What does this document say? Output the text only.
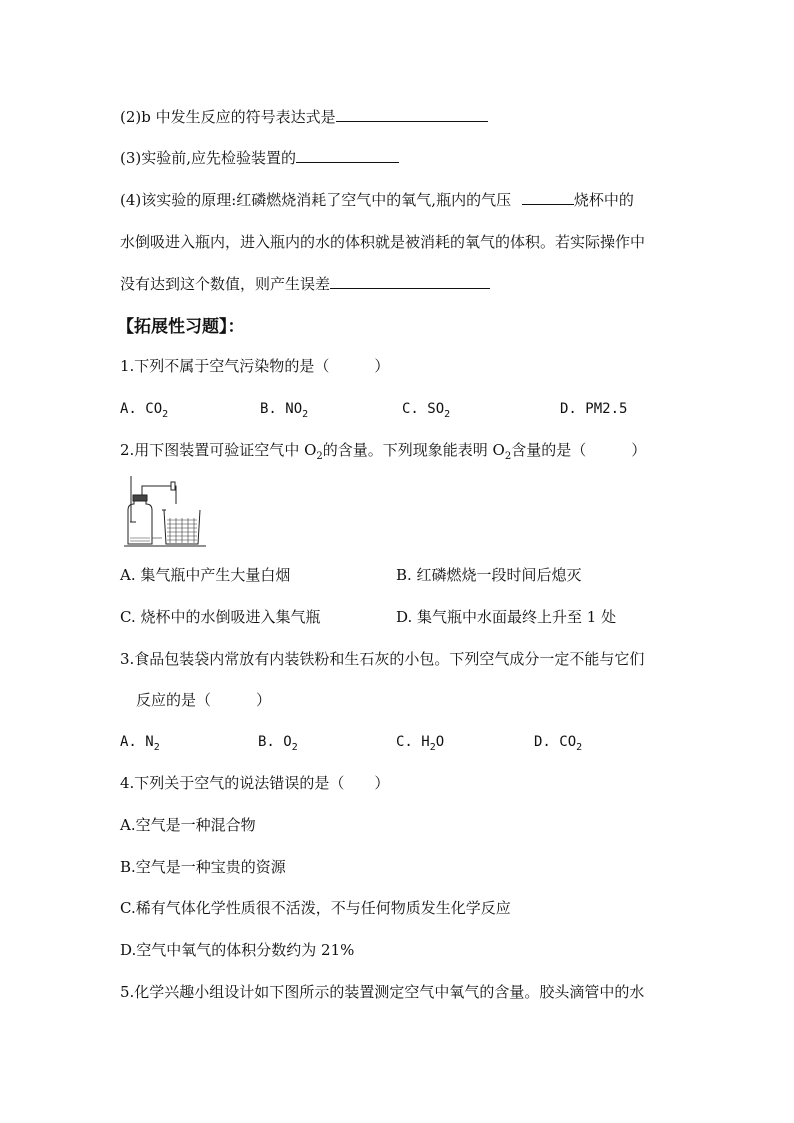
(2)b 中发生反应的符号表达式是
(3)实验前,应先检验装置的
(4)该实验的原理:红磷燃烧消耗了空气中的氧气,瓶内的气压	烧杯中的
水倒吸进入瓶内，进入瓶内的水的体积就是被消耗的氧气的体积。若实际操作中
没有达到这个数值，则产生误差
【拓展性习题】：
1.下列不属于空气污染物的是（　　　）
A. $CO_2$	B. $NO_2$	C. $SO_2$	D. PM2.5
2.用下图装置可验证空气中 $O_2$的含量。下列现象能表明 $O_2$含量的是（　　　）
A. 集气瓶中产生大量白烟	B. 红磷燃烧一段时间后熄灭
C. 烧杯中的水倒吸进入集气瓶	D. 集气瓶中水面最终上升至 1 处
3.食品包装袋内常放有内装铁粉和生石灰的小包。下列空气成分一定不能与它们
反应的是（　　　）
A. $N_2$	B. $O_2$	C. $H_2O$	D. $CO_2$
4.下列关于空气的说法错误的是（　　）
A.空气是一种混合物
B.空气是一种宝贵的资源
C.稀有气体化学性质很不活泼，不与任何物质发生化学反应
D.空气中氧气的体积分数约为 21%
5.化学兴趣小组设计如下图所示的装置测定空气中氧气的含量。胶头滴管中的水
